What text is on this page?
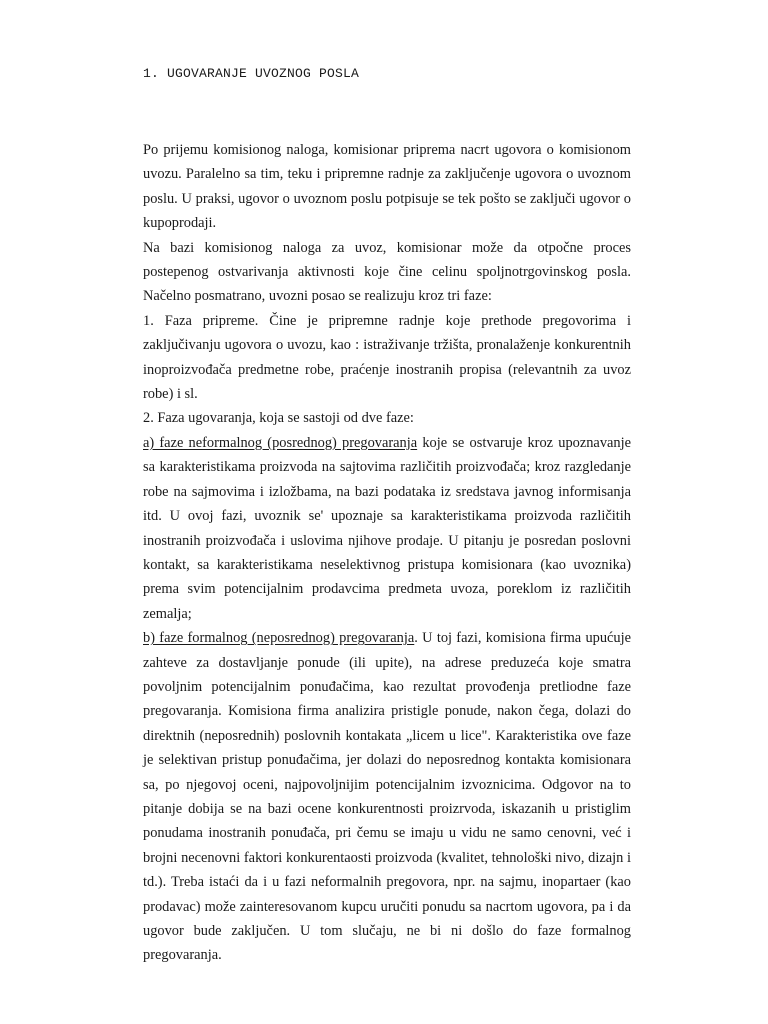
1. UGOVARANJE UVOZNOG POSLA

Po prijemu komisionog naloga, komisionar priprema nacrt ugovora o komisionom uvozu. Paralelno sa tim, teku i pripremne radnje za zaključenje ugovora o uvoznom poslu. U praksi, ugovor o uvoznom poslu potpisuje se tek pošto se zaključi ugovor o kupoprodaji.

Na bazi komisionog naloga za uvoz, komisionar može da otpočne proces postepenog ostvarivanja aktivnosti koje čine celinu spoljnotrgovinskog posla. Načelno posmatrano, uvozni posao se realizuju kroz tri faze:

1. Faza pripreme. Čine je pripremne radnje koje prethode pregovorima i zaključivanju ugovora o uvozu, kao : istraživanje tržišta, pronalaženje konkurentnih inoproizvođača predmetne robe, praćenje inostranih propisa (relevantnih za uvoz robe) i sl.

2. Faza ugovaranja, koja se sastoji od dve faze:

a) faze neformalnog (posrednog) pregovaranja koje se ostvaruje kroz upoznavanje sa karakteristikama proizvoda na sajtovima različitih proizvođača; kroz razgledanje robe na sajmovima i izložbama, na bazi podataka iz sredstava javnog informisanja itd. U ovoj fazi, uvoznik se' upoznaje sa karakteristikama proizvoda različitih inostranih proizvođača i uslovima njihove prodaje. U pitanju je posredan poslovni kontakt, sa karakteristikama neselektivnog pristupa komisionara (kao uvoznika) prema svim potencijalnim prodavcima predmeta uvoza, poreklom iz različitih zemalja;

b) faze formalnog (neposrednog) pregovaranja. U toj fazi, komisiona firma upućuje zahteve za dostavljanje ponude (ili upite), na adrese preduzeća koje smatra povoljnim potencijalnim ponuđačima, kao rezultat provođenja pretliodne faze pregovaranja. Komisiona firma analizira pristigle ponude, nakon čega, dolazi do direktnih (neposrednih) poslovnih kontakata „licem u lice". Karakteristika ove faze je selektivan pristup ponuđačima, jer dolazi do neposrednog kontakta komisionara sa, po njegovoj oceni, najpovoljnijim potencijalnim izvoznicima. Odgovor na to pitanje dobija se na bazi ocene konkurentnosti proizrvoda, iskazanih u pristiglim ponudama inostranih ponuđača, pri čemu se imaju u vidu ne samo cenovni, već i brojni necenovni faktori konkurentaosti proizvoda (kvalitet, tehnološki nivo, dizajn i td.). Treba istaći da i u fazi neformalnih pregovora, npr. na sajmu, inopartaer (kao prodavac) može zainteresovanom kupcu uručiti ponudu sa nacrtom ugovora, pa i da ugovor bude zaključen. U tom slučaju, ne bi ni došlo do faze formalnog pregovaranja.
